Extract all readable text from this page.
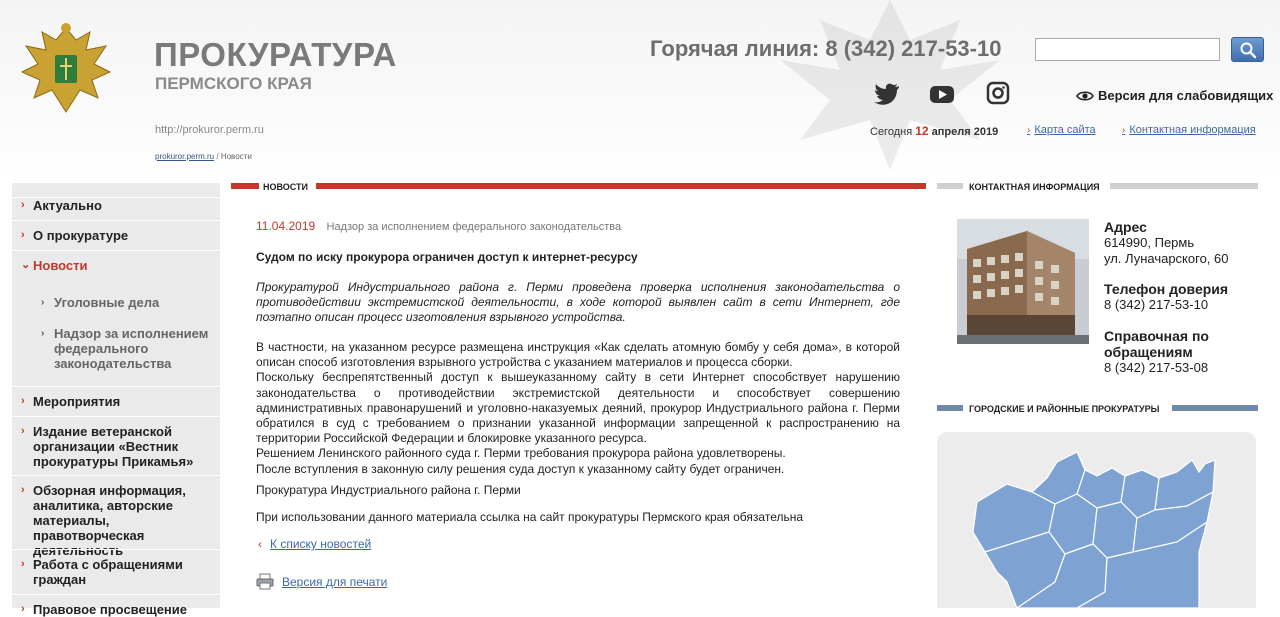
ПРОКУРАТУРА
ПЕРМСКОГО КРАЯ
http://prokuror.perm.ru
prokuror.perm.ru / Новости
Горячая линия: 8 (342) 217-53-10
Версия для слабовидящих
Сегодня 12 апреля 2019	› Карта сайта	› Контактная информация
НОВОСТИ	КОНТАКТНАЯ ИНФОРМАЦИЯ
ГОРОДСКИЕ И РАЙОННЫЕ ПРОКУРАТУРЫ
› Актуально
› О прокуратуре
⌄ Новости
› Уголовные дела
› Надзор за исполнением федерального законодательства
› Мероприятия
› Издание ветеранской организации «Вестник прокуратуры Прикамья»
› Обзорная информация, аналитика, авторские материалы, правотворческая деятельность
› Работа с обращениями граждан
› Правовое просвещение
11.04.2019 Надзор за исполнением федерального законодательства
Судом по иску прокурора ограничен доступ к интернет-ресурсу
Прокуратурой Индустриального района г. Перми проведена проверка исполнения законодательства о противодействии экстремистской деятельности, в ходе которой выявлен сайт в сети Интернет, где поэтапно описан процесс изготовления взрывного устройства.

В частности, на указанном ресурсе размещена инструкция «Как сделать атомную бомбу у себя дома», в которой описан способ изготовления взрывного устройства с указанием материалов и процесса сборки.

Поскольку беспрепятственный доступ к вышеуказанному сайту в сети Интернет способствует нарушению законодательства о противодействии экстремистской деятельности и способствует совершению административных правонарушений и уголовно-наказуемых деяний, прокурор Индустриального района г. Перми обратился в суд с требованием о признании указанной информации запрещенной к распространению на территории Российской Федерации и блокировке указанного ресурса.

Решением Ленинского районного суда г. Перми требования прокурора района удовлетворены.

После вступления в законную силу решения суда доступ к указанному сайту будет ограничен.

Прокуратура Индустриального района г. Перми
При использовании данного материала ссылка на сайт прокуратуры Пермского края обязательна
‹ К списку новостей
Версия для печати
Адрес
614990, Пермь
ул. Луначарского, 60
Телефон доверия
8 (342) 217-53-10
Справочная по
обращениям
8 (342) 217-53-08
